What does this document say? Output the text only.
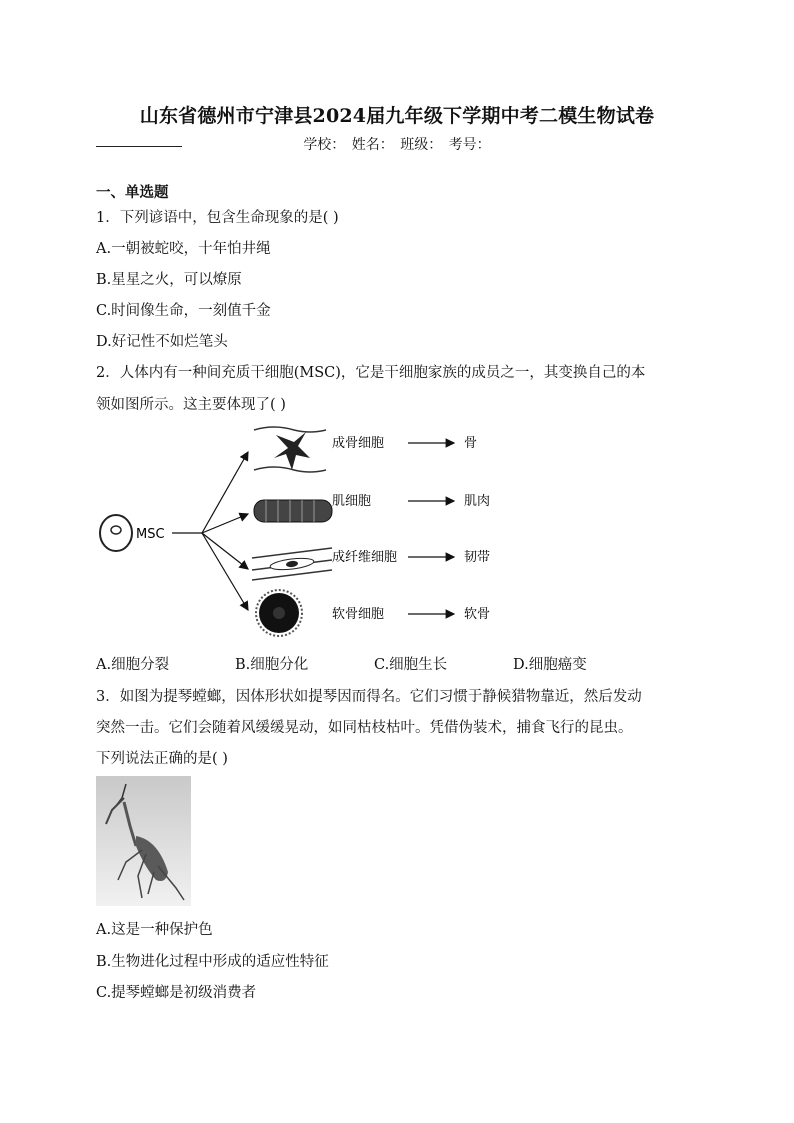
山东省德州市宁津县2024届九年级下学期中考二模生物试卷
学校： 姓名： 班级： 考号：
一、单选题
1．下列谚语中，包含生命现象的是( )
A.一朝被蛇咬，十年怕井绳
B.星星之火，可以燎原
C.时间像生命，一刻值千金
D.好记性不如烂笔头
2．人体内有一种间充质干细胞(MSC)，它是干细胞家族的成员之一，其变换自己的本
领如图所示。这主要体现了( )
MSC
成骨细胞	骨
肌细胞	肌肉
成纤维细胞	韧带
软骨细胞	软骨
A.细胞分裂	B.细胞分化	C.细胞生长	D.细胞癌变
3．如图为提琴螳螂，因体形状如提琴因而得名。它们习惯于静候猎物靠近，然后发动
突然一击。它们会随着风缓缓晃动，如同枯枝枯叶。凭借伪装术，捕食飞行的昆虫。
下列说法正确的是( )
A.这是一种保护色
B.生物进化过程中形成的适应性特征
C.提琴螳螂是初级消费者
